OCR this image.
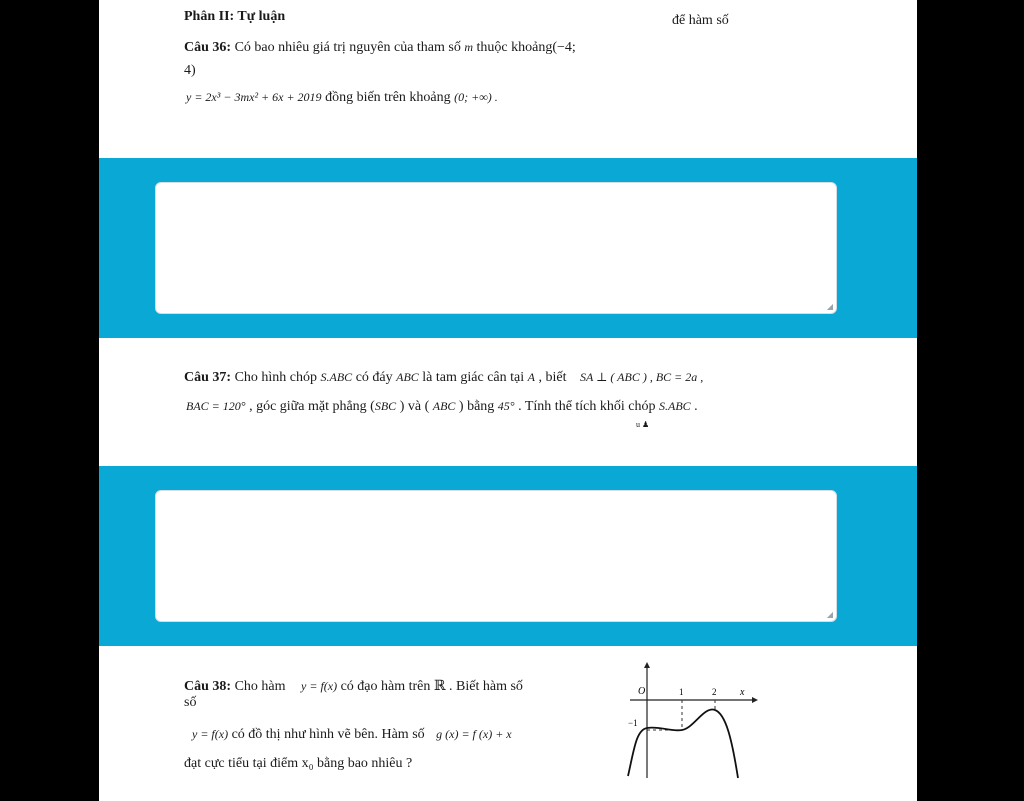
Phân II: Tự luận	để hàm số
Câu 36: Có bao nhiêu giá trị nguyên của tham số m thuộc khoảng(−4;
4)
y = 2x³ − 3mx² + 6x + 2019 đồng biến trên khoảng (0; +∞) .
◢
Câu 37: Cho hình chóp S.ABC có đáy ABC là tam giác cân tại A , biết SA ⊥ ( ABC ) , BC = 2a ,
BAC = 120° , góc giữa mặt phẳng (SBC ) và ( ABC ) bằng 45° . Tính thể tích khối chóp S.ABC .
u ♟
◢
Câu 38: Cho hàm y = f(x) có đạo hàm trên ℝ . Biết hàm số
số
y = f(x) có đồ thị như hình vẽ bên. Hàm số g (x) = f (x) + x
đạt cực tiểu tại điểm x₀ bằng bao nhiêu ?
O	1	2 x
−1
